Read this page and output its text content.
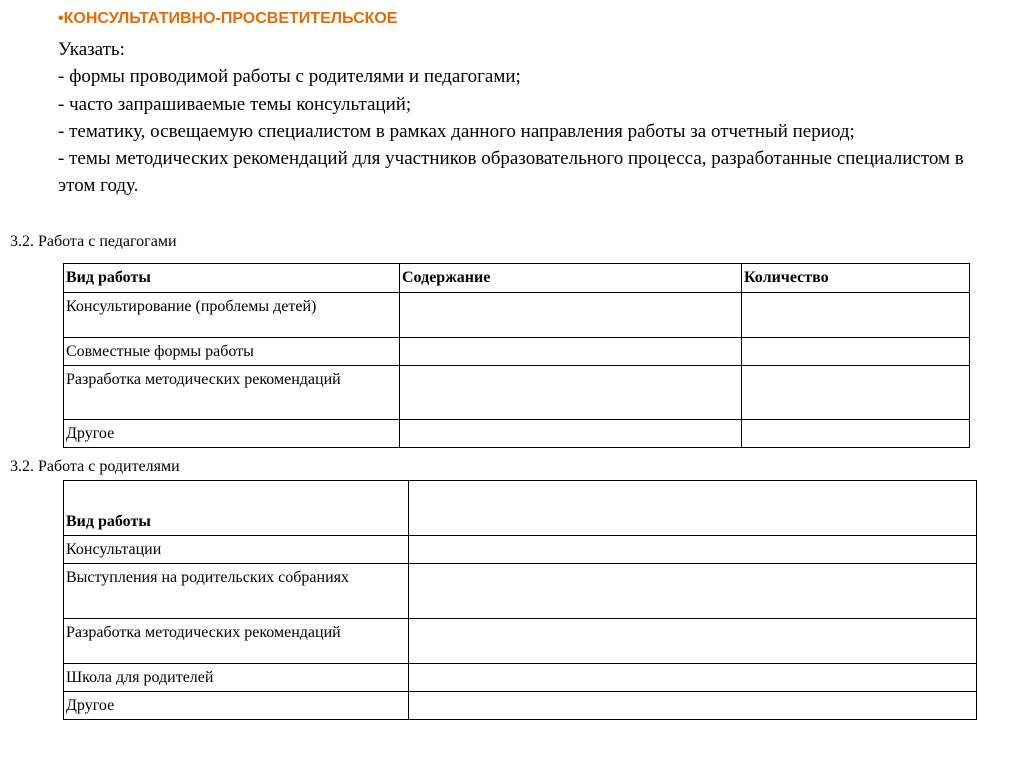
•КОНСУЛЬТАТИВНО-ПРОСВЕТИТЕЛЬСКОЕ

Указать:

- формы проводимой работы с родителями и педагогами;

- часто запрашиваемые темы консультаций;

- тематику, освещаемую специалистом в рамках данного направления работы за отчетный период;

- темы методических рекомендаций для участников образовательного процесса, разработанные специалистом в этом году.

3.2. Работа с педагогами
Вид работы	Содержание	Количество
Консультирование (проблемы детей)		
Совместные формы работы		
Разработка методических рекомендаций		
Другое		
3.2. Работа с родителями
Вид работы	
Консультации	
Выступления на родительских собраниях	
Разработка методических рекомендаций	
Школа для родителей	
Другое	
